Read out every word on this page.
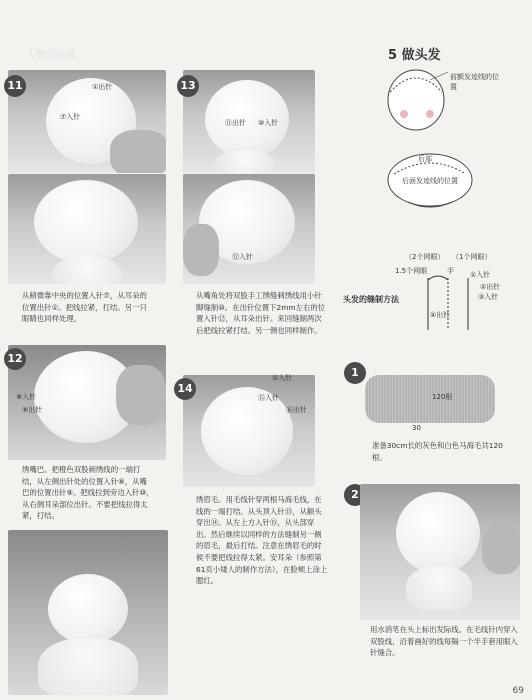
人物的脸部
11	①出针
⑦入针
从稍微靠中央的位置入针⑦，从耳朵的位置出针①。把线拉紧，打结。另一只眼睛也同样处理。
13
⑪出针 ⑩入针
⑫入针
从嘴角处将双股手工绣缝刺绣线用小针脚缝制⑩。在出针位置下2mm左右的位置入针⑫，从耳朵出针。来回缝制两次后把线拉紧打结。另一侧也同样制作。
12
⑧入针
⑨出针
绣嘴巴。把橙色双股刺绣线的一端打结，从左侧出针处的位置入针⑧，从嘴巴的位置出针⑨。把线拉到旁边入针⑩，从右侧耳朵部位出针。不要把线拉得太紧，打结。
14
①入针
⑮入针
⑯出针
绣眉毛。用毛线针穿两根马海毛线，在线的一端打结。从头顶入针⑬，从额头穿出⑭。从左上方入针⑮，从头部穿出。然后继续以同样的方法缝制另一侧的眉毛，最后打结。注意在绣眉毛的时候不要把线拉得太紧。安耳朵（参照第61页小矮人的制作方法），在脸颊上涂上腮红。
5 做头发
前额发迹线的位置
后部
后面发迹线的位置
（2个网眼） （1个网眼）
1.5个网眼	手
头发的缝制方法
①入针
②出针
③入针
④出针
1
120根
30
准备30cm长的灰色和白色马海毛共120根。
2
用水消笔在头上标出发际线。在毛线针内穿入双股线，沿着画好的线每隔一个半手套用眼入针缝合。
69
